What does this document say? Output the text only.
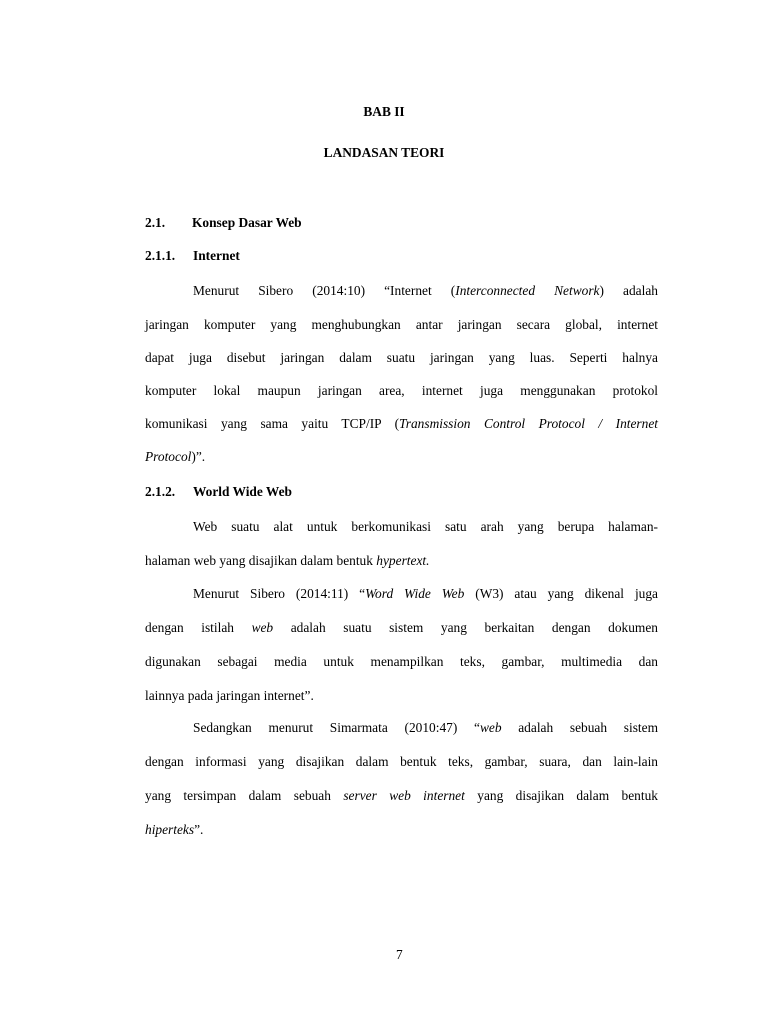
BAB II
LANDASAN TEORI
2.1. Konsep Dasar Web
2.1.1. Internet
Menurut Sibero (2014:10) “Internet (Interconnected Network) adalah
jaringan komputer yang menghubungkan antar jaringan secara global, internet
dapat juga disebut jaringan dalam suatu jaringan yang luas. Seperti halnya
komputer lokal maupun jaringan area, internet juga menggunakan protokol
komunikasi yang sama yaitu TCP/IP (Transmission Control Protocol / Internet
Protocol)”.
2.1.2. World Wide Web
Web suatu alat untuk berkomunikasi satu arah yang berupa halaman-
halaman web yang disajikan dalam bentuk hypertext.
Menurut Sibero (2014:11) “Word Wide Web (W3) atau yang dikenal juga
dengan istilah web adalah suatu sistem yang berkaitan dengan dokumen
digunakan sebagai media untuk menampilkan teks, gambar, multimedia dan
lainnya pada jaringan internet”.
Sedangkan menurut Simarmata (2010:47) “web adalah sebuah sistem
dengan informasi yang disajikan dalam bentuk teks, gambar, suara, dan lain-lain
yang tersimpan dalam sebuah server web internet yang disajikan dalam bentuk
hiperteks”.
7
